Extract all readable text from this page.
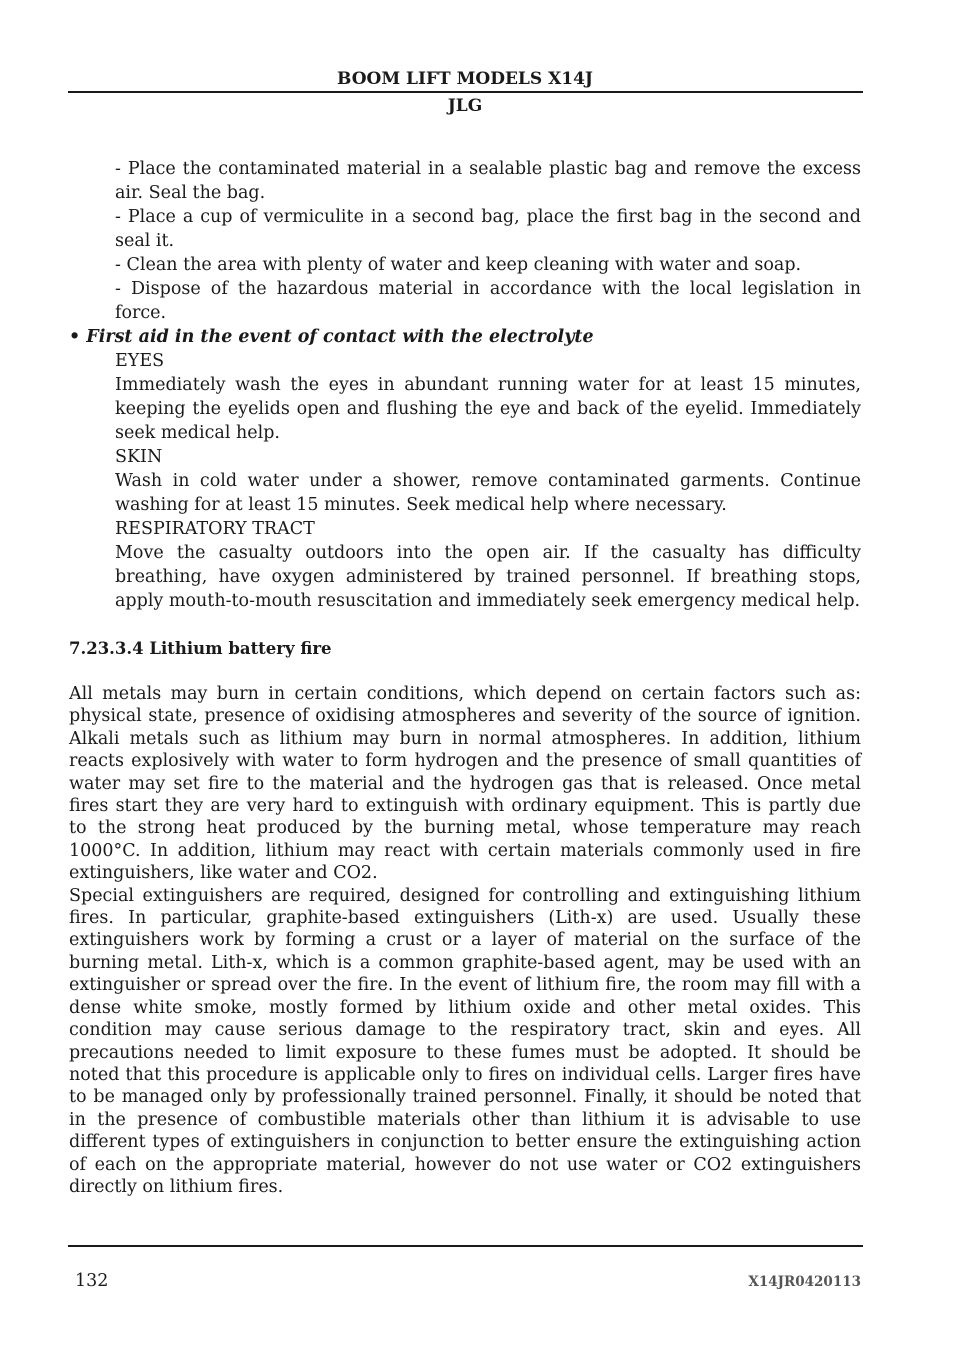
BOOM LIFT MODELS X14J
JLG
- Place the contaminated material in a sealable plastic bag and remove the excess air. Seal the bag.
- Place a cup of vermiculite in a second bag, place the first bag in the second and seal it.
- Clean the area with plenty of water and keep cleaning with water and soap.
- Dispose of the hazardous material in accordance with the local legislation in force.
• First aid in the event of contact with the electrolyte
EYES
Immediately wash the eyes in abundant running water for at least 15 minutes, keeping the eyelids open and flushing the eye and back of the eyelid. Immediately seek medical help.
SKIN
Wash in cold water under a shower, remove contaminated garments. Continue washing for at least 15 minutes. Seek medical help where necessary.
RESPIRATORY TRACT
Move the casualty outdoors into the open air. If the casualty has difficulty breathing, have oxygen administered by trained personnel. If breathing stops, apply mouth-to-mouth resuscitation and immediately seek emergency medical help.
7.23.3.4 Lithium battery fire

All metals may burn in certain conditions, which depend on certain factors such as: physical state, presence of oxidising atmospheres and severity of the source of ignition. Alkali metals such as lithium may burn in normal atmospheres. In addition, lithium reacts explosively with water to form hydrogen and the presence of small quantities of water may set fire to the material and the hydrogen gas that is released. Once metal fires start they are very hard to extinguish with ordinary equipment. This is partly due to the strong heat produced by the burning metal, whose temperature may reach 1000°C. In addition, lithium may react with certain materials commonly used in fire extinguishers, like water and CO2.

Special extinguishers are required, designed for controlling and extinguishing lithium fires. In particular, graphite-based extinguishers (Lith-x) are used. Usually these extinguishers work by forming a crust or a layer of material on the surface of the burning metal. Lith-x, which is a common graphite-based agent, may be used with an extinguisher or spread over the fire. In the event of lithium fire, the room may fill with a dense white smoke, mostly formed by lithium oxide and other metal oxides. This condition may cause serious damage to the respiratory tract, skin and eyes. All precautions needed to limit exposure to these fumes must be adopted. It should be noted that this procedure is applicable only to fires on individual cells. Larger fires have to be managed only by professionally trained personnel. Finally, it should be noted that in the presence of combustible materials other than lithium it is advisable to use different types of extinguishers in conjunction to better ensure the extinguishing action of each on the appropriate material, however do not use water or CO2 extinguishers directly on lithium fires.

132	X14JR0420113
